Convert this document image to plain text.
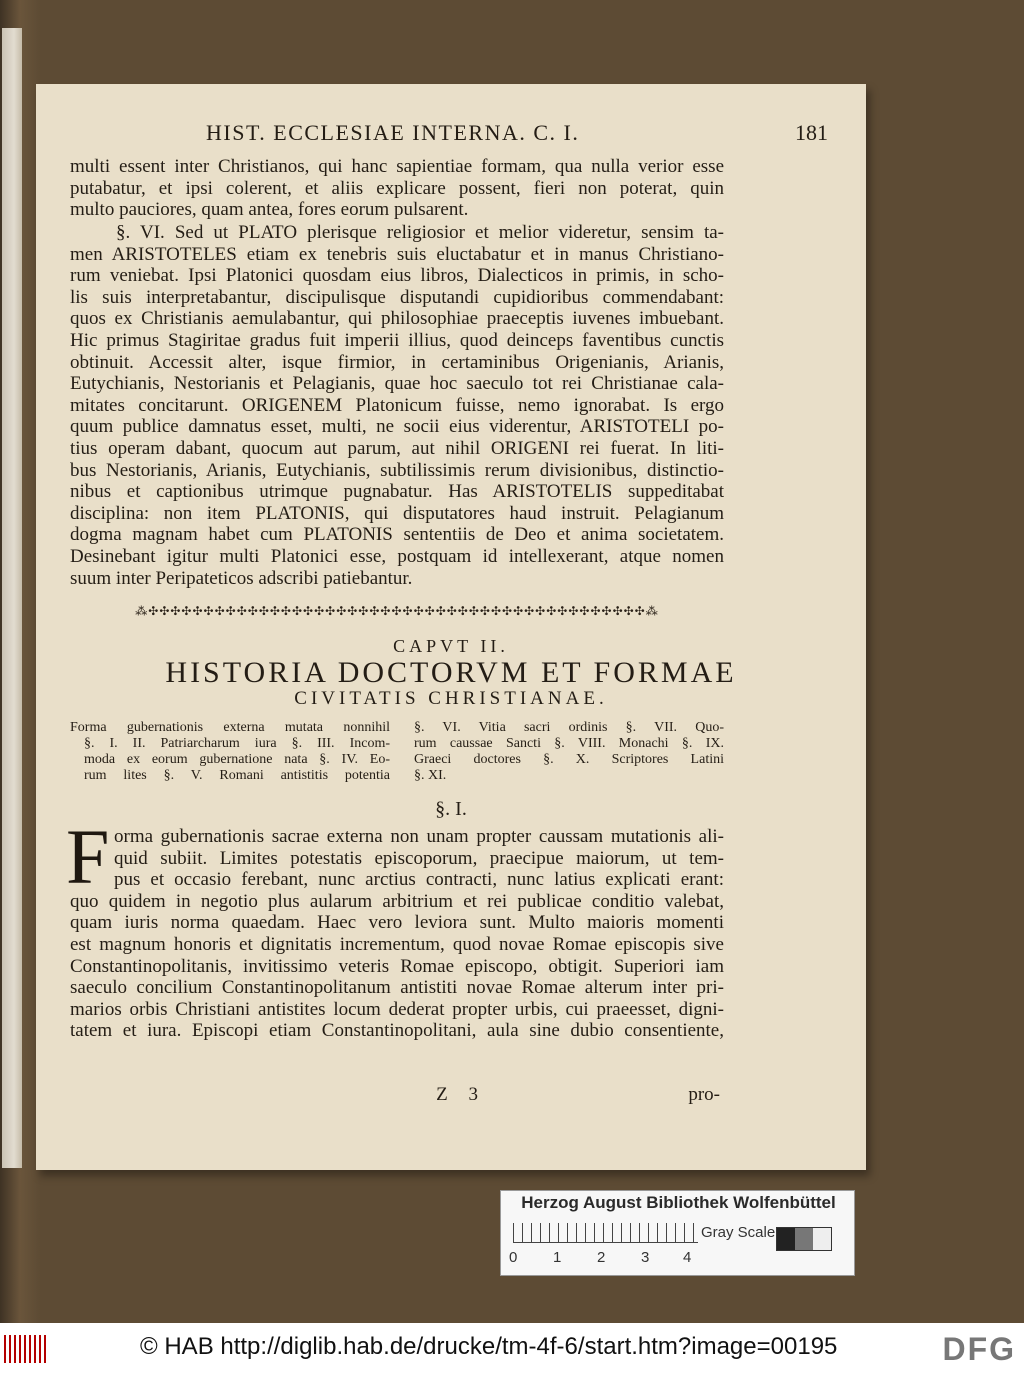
HIST. ECCLESIAE INTERNA. C. I.	181
multi essent inter Christianos, qui hanc sapientiae formam, qua nulla verior esse
putabatur, et ipsi colerent, et aliis explicare possent, fieri non poterat, quin
multo pauciores, quam antea, fores eorum pulsarent.
§. VI. Sed ut PLATO plerisque religiosior et melior videretur, sensim ta-
men ARISTOTELES etiam ex tenebris suis eluctabatur et in manus Christiano-
rum veniebat. Ipsi Platonici quosdam eius libros, Dialecticos in primis, in scho-
lis suis interpretabantur, discipulisque disputandi cupidioribus commendabant:
quos ex Christianis aemulabantur, qui philosophiae praeceptis iuvenes imbuebant.
Hic primus Stagiritae gradus fuit imperii illius, quod deinceps faventibus cunctis
obtinuit. Accessit alter, isque firmior, in certaminibus Origenianis, Arianis,
Eutychianis, Nestorianis et Pelagianis, quae hoc saeculo tot rei Christianae cala-
mitates concitarunt. ORIGENEM Platonicum fuisse, nemo ignorabat. Is ergo
quum publice damnatus esset, multi, ne socii eius viderentur, ARISTOTELI po-
tius operam dabant, quocum aut parum, aut nihil ORIGENI rei fuerat. In liti-
bus Nestorianis, Arianis, Eutychianis, subtilissimis rerum divisionibus, distinctio-
nibus et captionibus utrimque pugnabatur. Has ARISTOTELIS suppeditabat
disciplina: non item PLATONIS, qui disputatores haud instruit. Pelagianum
dogma magnam habet cum PLATONIS sententiis de Deo et anima societatem.
Desinebant igitur multi Platonici esse, postquam id intellexerant, atque nomen
suum inter Peripateticos adscribi patiebantur.
⁂✣✣✣✣✣✣✣✣✣✣✣✣✣✣✣✣✣✣✣✣✣✣✣✣✣✣✣✣✣✣✣✣✣✣✣✣✣✣✣✣✣✣✣✣✣⁂
CAPVT II.
HISTORIA DOCTORVM ET FORMAE
CIVITATIS CHRISTIANAE.
Forma gubernationis externa mutata nonnihil
§. I. II. Patriarcharum iura §. III. Incom-
moda ex eorum gubernatione nata §. IV. Eo-
rum lites §. V. Romani antistitis potentia
§. VI. Vitia sacri ordinis §. VII. Quo-
rum caussae Sancti §. VIII. Monachi §. IX.
Graeci doctores §. X. Scriptores Latini
§. XI.
§. I.
F orma gubernationis sacrae externa non unam propter caussam mutationis ali-
quid subiit. Limites potestatis episcoporum, praecipue maiorum, ut tem-
pus et occasio ferebant, nunc arctius contracti, nunc latius explicati erant:
quo quidem in negotio plus aularum arbitrium et rei publicae conditio valebat,
quam iuris norma quaedam. Haec vero leviora sunt. Multo maioris momenti
est magnum honoris et dignitatis incrementum, quod novae Romae episcopis sive
Constantinopolitanis, invitissimo veteris Romae episcopo, obtigit. Superiori iam
saeculo concilium Constantinopolitanum antistiti novae Romae alterum inter pri-
marios orbis Christiani antistites locum dederat propter urbis, cui praeesset, digni-
tatem et iura. Episcopi etiam Constantinopolitani, aula sine dubio consentiente,
Z 3	pro-
Herzog August Bibliothek Wolfenbüttel
0 1 2 3 4
Gray Scale
© HAB http://diglib.hab.de/drucke/tm-4f-6/start.htm?image=00195	DFG
